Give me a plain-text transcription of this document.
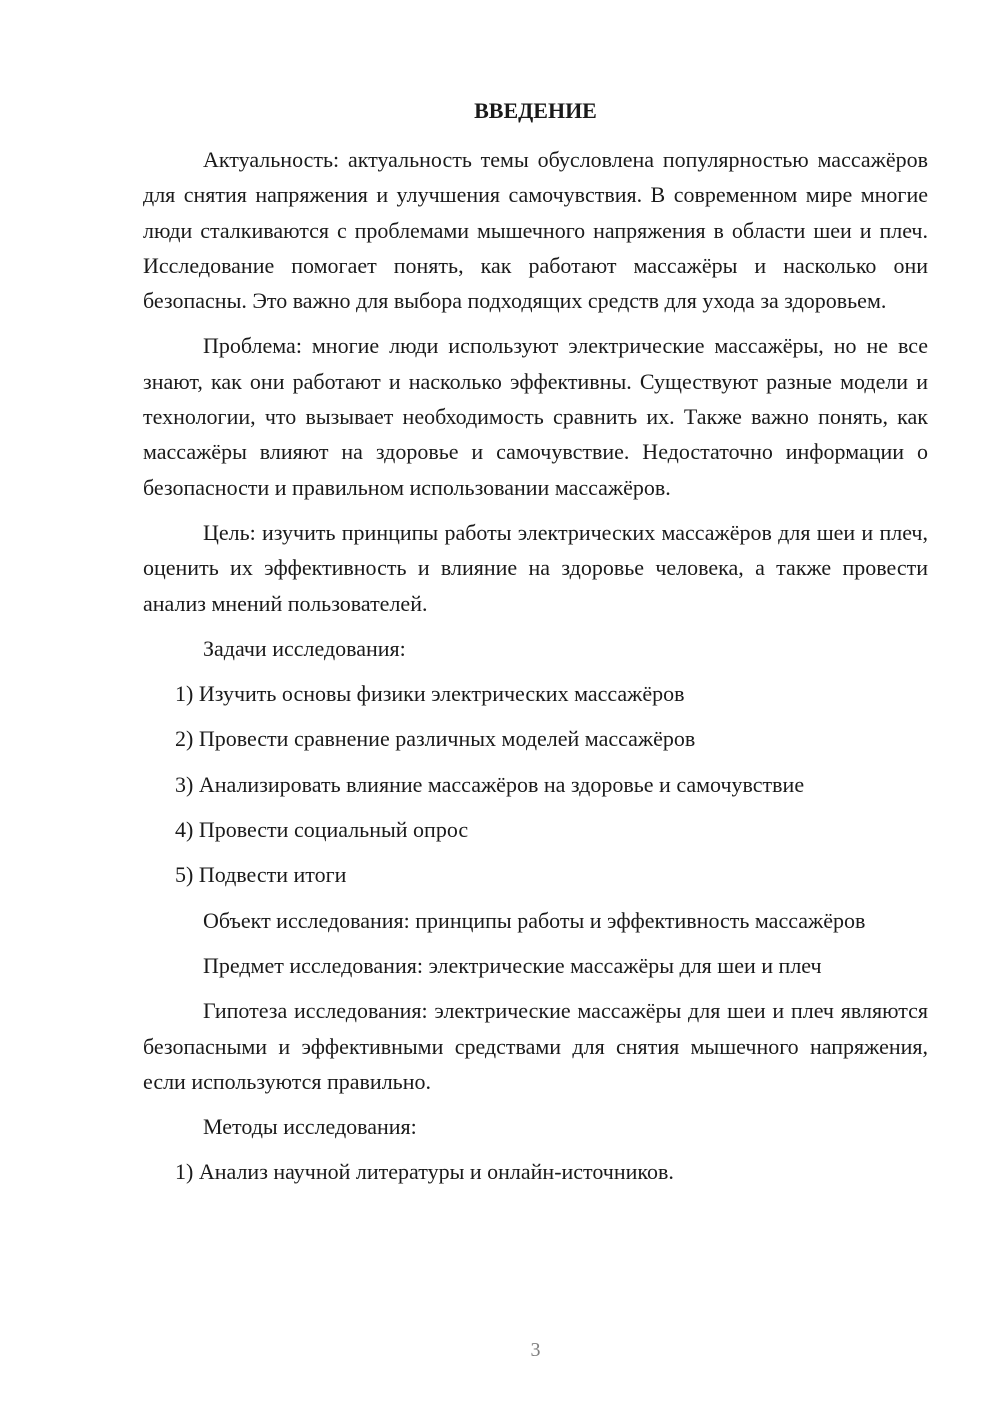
ВВЕДЕНИЕ

Актуальность: актуальность темы обусловлена популярностью массажёров для снятия напряжения и улучшения самочувствия. В современном мире многие люди сталкиваются с проблемами мышечного напряжения в области шеи и плеч. Исследование помогает понять, как работают массажёры и насколько они безопасны. Это важно для выбора подходящих средств для ухода за здоровьем.

Проблема: многие люди используют электрические массажёры, но не все знают, как они работают и насколько эффективны. Существуют разные модели и технологии, что вызывает необходимость сравнить их. Также важно понять, как массажёры влияют на здоровье и самочувствие. Недостаточно информации о безопасности и правильном использовании массажёров.

Цель: изучить принципы работы электрических массажёров для шеи и плеч, оценить их эффективность и влияние на здоровье человека, а также провести анализ мнений пользователей.

Задачи исследования:

1) Изучить основы физики электрических массажёров

2) Провести сравнение различных моделей массажёров

3) Анализировать влияние массажёров на здоровье и самочувствие

4) Провести социальный опрос

5) Подвести итоги

Объект исследования: принципы работы и эффективность массажёров

Предмет исследования: электрические массажёры для шеи и плеч

Гипотеза исследования: электрические массажёры для шеи и плеч являются безопасными и эффективными средствами для снятия мышечного напряжения, если используются правильно.

Методы исследования:

1) Анализ научной литературы и онлайн-источников.

3
